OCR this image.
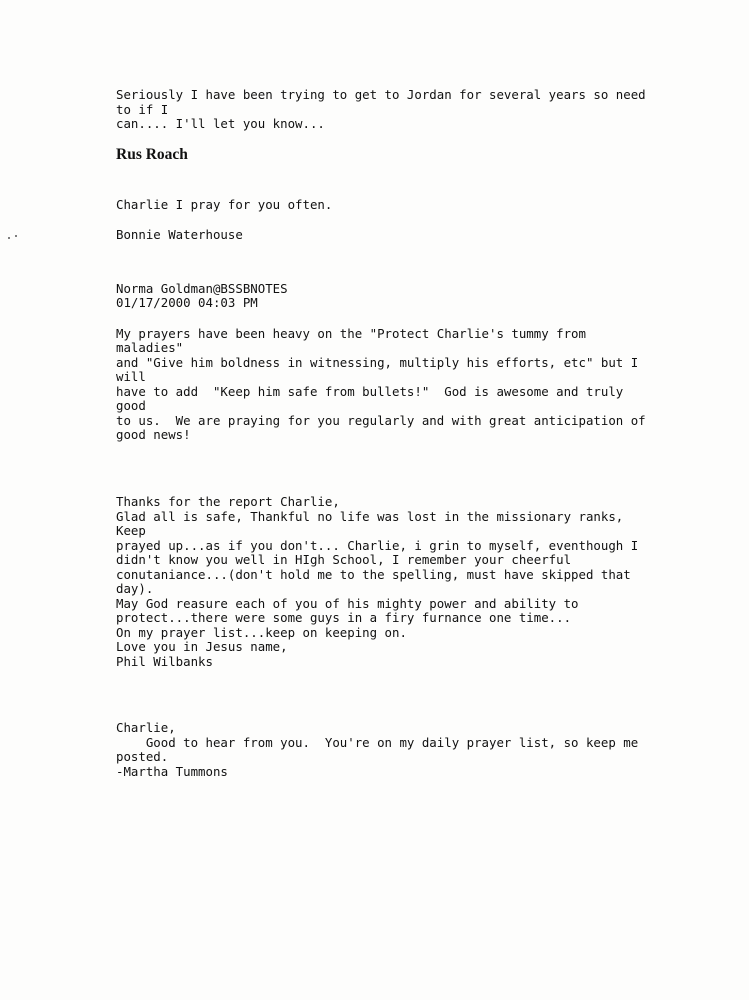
Seriously I have been trying to get to Jordan for several years so need

to if I

can.... I'll let you know...

Rus Roach

Charlie I pray for you often.

Bonnie Waterhouse

Norma Goldman@BSSBNOTES

01/17/2000 04:03 PM

My prayers have been heavy on the "Protect Charlie's tummy from

maladies"

and "Give him boldness in witnessing, multiply his efforts, etc" but I

will

have to add  "Keep him safe from bullets!"  God is awesome and truly

good

to us.  We are praying for you regularly and with great anticipation of

good news!

Thanks for the report Charlie,

Glad all is safe, Thankful no life was lost in the missionary ranks,

Keep

prayed up...as if you don't... Charlie, i grin to myself, eventhough I

didn't know you well in HIgh School, I remember your cheerful

conutaniance...(don't hold me to the spelling, must have skipped that

day).

May God reasure each of you of his mighty power and ability to

protect...there were some guys in a firy furnance one time...

On my prayer list...keep on keeping on.

Love you in Jesus name,

Phil Wilbanks

Charlie,

Good to hear from you.  You're on my daily prayer list, so keep me

posted.

-Martha Tummons
